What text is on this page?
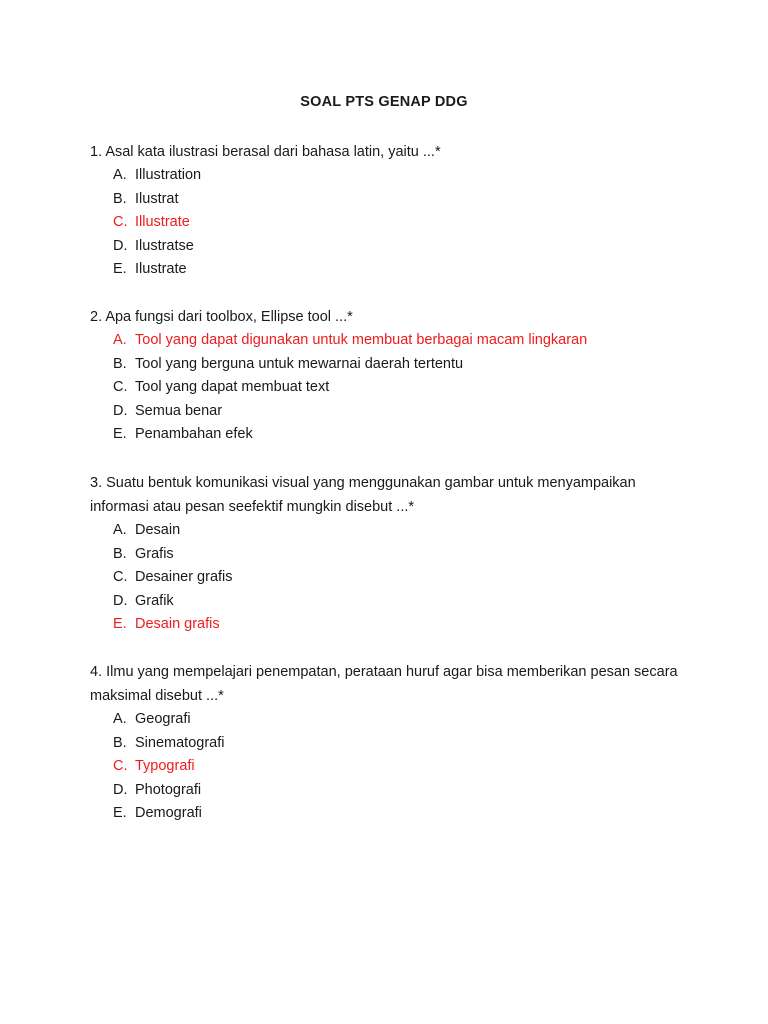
SOAL PTS GENAP DDG

1. Asal kata ilustrasi berasal dari bahasa latin, yaitu ...*

A. Illustration
B. Ilustrat
C. Illustrate
D. Ilustratse
E. Ilustrate

2. Apa fungsi dari toolbox, Ellipse tool ...*

A. Tool yang dapat digunakan untuk membuat berbagai macam lingkaran
B. Tool yang berguna untuk mewarnai daerah tertentu
C. Tool yang dapat membuat text
D. Semua benar
E. Penambahan efek

3. Suatu bentuk komunikasi visual yang menggunakan gambar untuk menyampaikan informasi atau pesan seefektif mungkin disebut ...*

A. Desain
B. Grafis
C. Desainer grafis
D. Grafik
E. Desain grafis

4. Ilmu yang mempelajari penempatan, perataan huruf agar bisa memberikan pesan secara maksimal disebut ...*

A. Geografi
B. Sinematografi
C. Typografi
D. Photografi
E. Demografi
